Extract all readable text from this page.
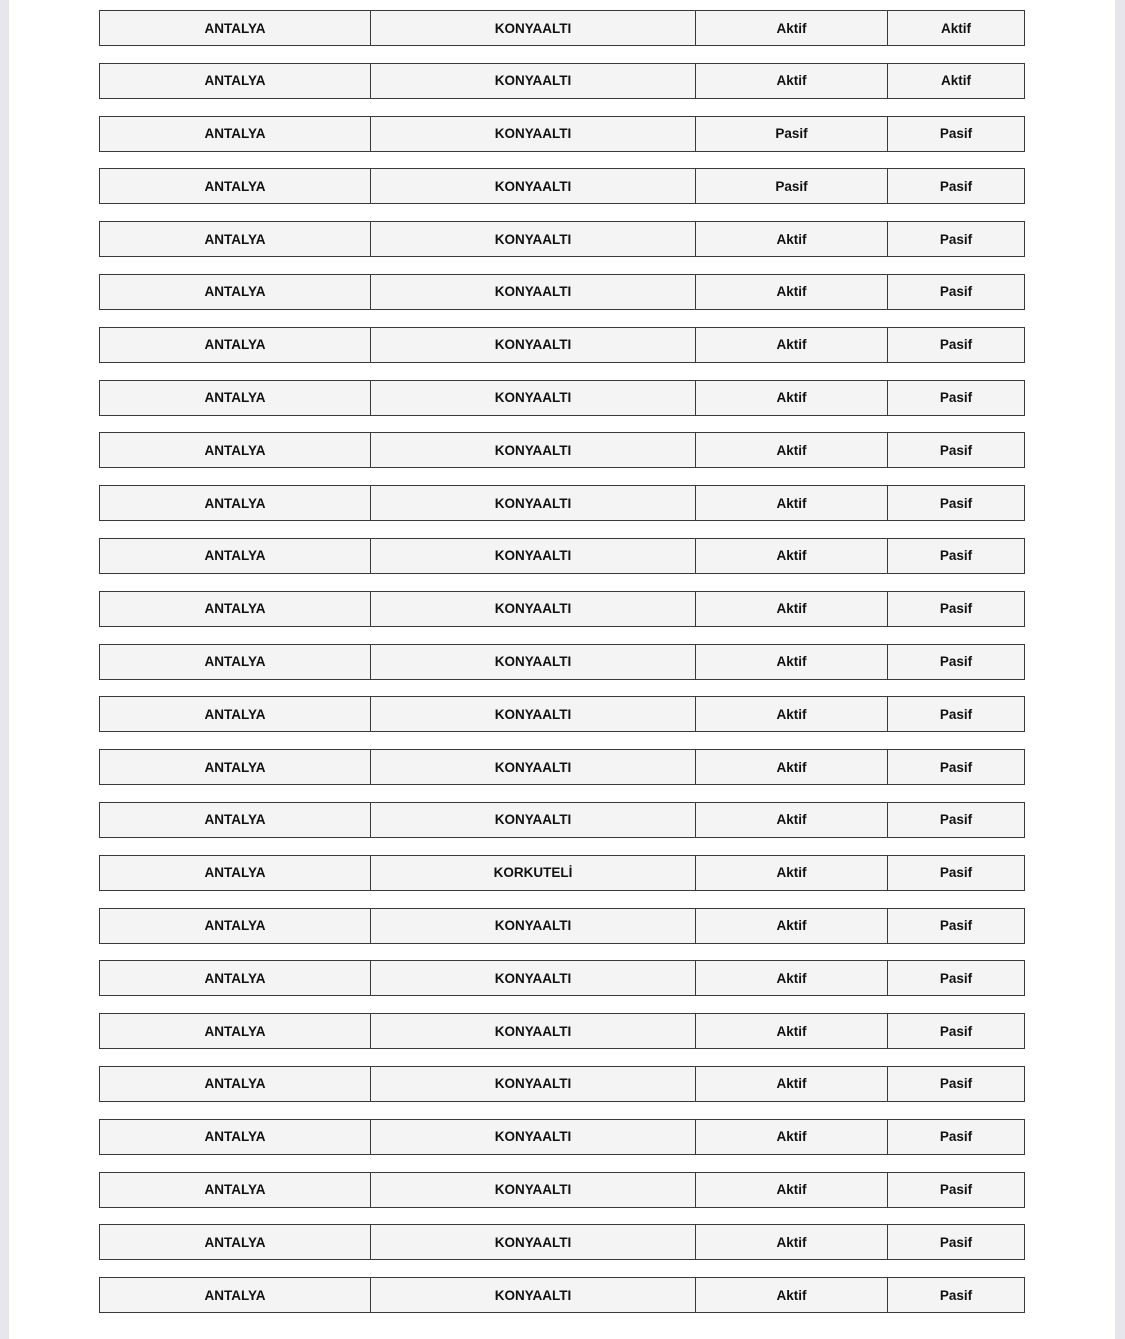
ANTALYA	KONYAALTI	Aktif	Aktif
ANTALYA	KONYAALTI	Aktif	Aktif
ANTALYA	KONYAALTI	Pasif	Pasif
ANTALYA	KONYAALTI	Pasif	Pasif
ANTALYA	KONYAALTI	Aktif	Pasif
ANTALYA	KONYAALTI	Aktif	Pasif
ANTALYA	KONYAALTI	Aktif	Pasif
ANTALYA	KONYAALTI	Aktif	Pasif
ANTALYA	KONYAALTI	Aktif	Pasif
ANTALYA	KONYAALTI	Aktif	Pasif
ANTALYA	KONYAALTI	Aktif	Pasif
ANTALYA	KONYAALTI	Aktif	Pasif
ANTALYA	KONYAALTI	Aktif	Pasif
ANTALYA	KONYAALTI	Aktif	Pasif
ANTALYA	KONYAALTI	Aktif	Pasif
ANTALYA	KONYAALTI	Aktif	Pasif
ANTALYA	KORKUTELİ	Aktif	Pasif
ANTALYA	KONYAALTI	Aktif	Pasif
ANTALYA	KONYAALTI	Aktif	Pasif
ANTALYA	KONYAALTI	Aktif	Pasif
ANTALYA	KONYAALTI	Aktif	Pasif
ANTALYA	KONYAALTI	Aktif	Pasif
ANTALYA	KONYAALTI	Aktif	Pasif
ANTALYA	KONYAALTI	Aktif	Pasif
ANTALYA	KONYAALTI	Aktif	Pasif
